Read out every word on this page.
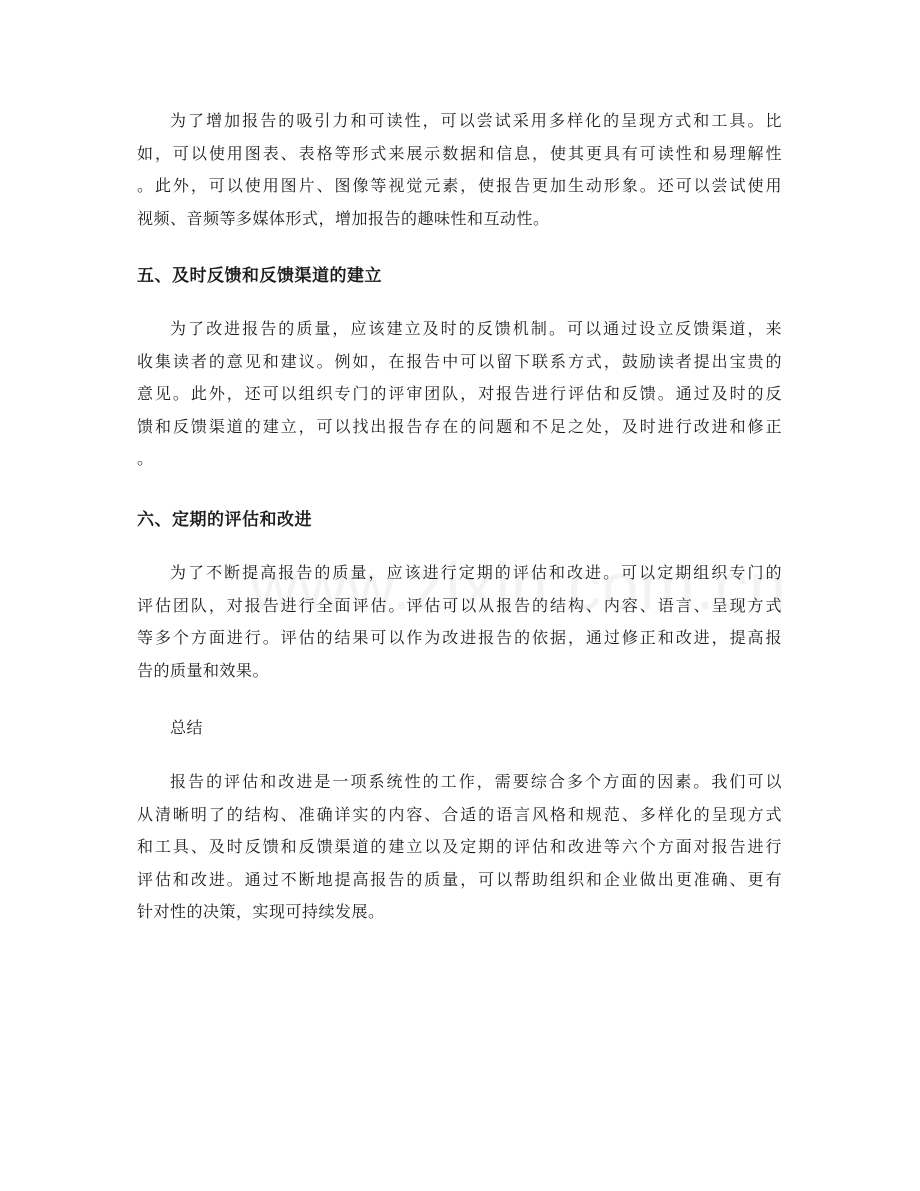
为了增加报告的吸引力和可读性，可以尝试采用多样化的呈现方式和工具。比
如，可以使用图表、表格等形式来展示数据和信息，使其更具有可读性和易理解性
。此外，可以使用图片、图像等视觉元素，使报告更加生动形象。还可以尝试使用
视频、音频等多媒体形式，增加报告的趣味性和互动性。
五、及时反馈和反馈渠道的建立
为了改进报告的质量，应该建立及时的反馈机制。可以通过设立反馈渠道，来
收集读者的意见和建议。例如，在报告中可以留下联系方式，鼓励读者提出宝贵的
意见。此外，还可以组织专门的评审团队，对报告进行评估和反馈。通过及时的反
馈和反馈渠道的建立，可以找出报告存在的问题和不足之处，及时进行改进和修正
。
六、定期的评估和改进
为了不断提高报告的质量，应该进行定期的评估和改进。可以定期组织专门的
评估团队，对报告进行全面评估。评估可以从报告的结构、内容、语言、呈现方式
等多个方面进行。评估的结果可以作为改进报告的依据，通过修正和改进，提高报
告的质量和效果。
总结
报告的评估和改进是一项系统性的工作，需要综合多个方面的因素。我们可以
从清晰明了的结构、准确详实的内容、合适的语言风格和规范、多样化的呈现方式
和工具、及时反馈和反馈渠道的建立以及定期的评估和改进等六个方面对报告进行
评估和改进。通过不断地提高报告的质量，可以帮助组织和企业做出更准确、更有
针对性的决策，实现可持续发展。
